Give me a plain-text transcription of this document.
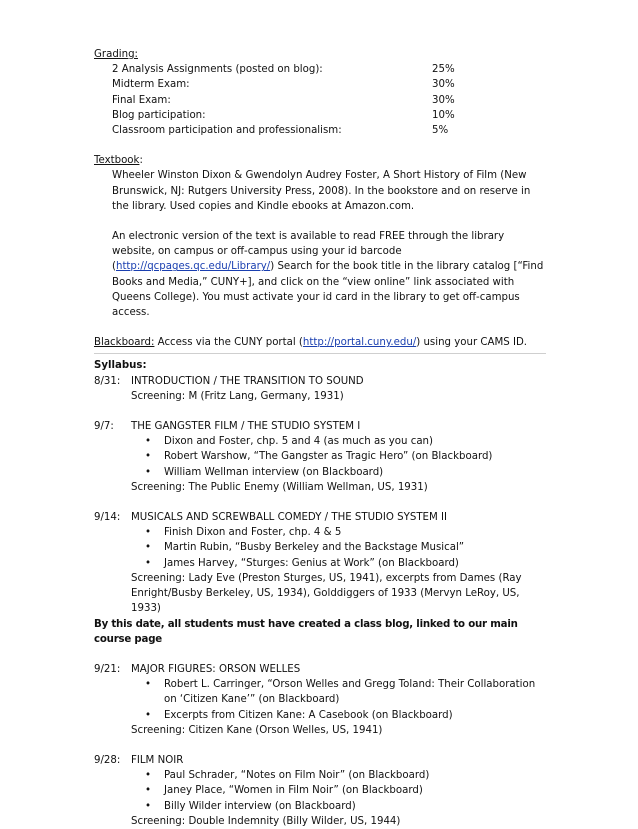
Grading:
2 Analysis Assignments (posted on blog):	25%
Midterm Exam:	30%
Final Exam:	30%
Blog participation:	10%
Classroom participation and professionalism:	5%
Textbook:
Wheeler Winston Dixon & Gwendolyn Audrey Foster, A Short History of Film (New Brunswick, NJ: Rutgers University Press, 2008). In the bookstore and on reserve in the library. Used copies and Kindle ebooks at Amazon.com.
An electronic version of the text is available to read FREE through the library website, on campus or off-campus using your id barcode (http://qcpages.qc.edu/Library/) Search for the book title in the library catalog [“Find Books and Media,” CUNY+], and click on the “view online” link associated with Queens College). You must activate your id card in the library to get off-campus access.
Blackboard: Access via the CUNY portal (http://portal.cuny.edu/) using your CAMS ID.
Syllabus:
8/31:	INTRODUCTION / THE TRANSITION TO SOUND
Screening: M (Fritz Lang, Germany, 1931)
9/7:	THE GANGSTER FILM / THE STUDIO SYSTEM I
•	Dixon and Foster, chp. 5 and 4 (as much as you can)
•	Robert Warshow, “The Gangster as Tragic Hero” (on Blackboard)
•	William Wellman interview (on Blackboard)
Screening: The Public Enemy (William Wellman, US, 1931)
9/14:	MUSICALS AND SCREWBALL COMEDY / THE STUDIO SYSTEM II
•	Finish Dixon and Foster, chp. 4 & 5
•	Martin Rubin, “Busby Berkeley and the Backstage Musical”
•	James Harvey, “Sturges: Genius at Work” (on Blackboard)
Screening: Lady Eve (Preston Sturges, US, 1941), excerpts from Dames (Ray Enright/Busby Berkeley, US, 1934), Golddiggers of 1933 (Mervyn LeRoy, US, 1933)
By this date, all students must have created a class blog, linked to our main course page
9/21:	MAJOR FIGURES: ORSON WELLES
•	Robert L. Carringer, “Orson Welles and Gregg Toland: Their Collaboration on ‘Citizen Kane’” (on Blackboard)
•	Excerpts from Citizen Kane: A Casebook (on Blackboard)
Screening: Citizen Kane (Orson Welles, US, 1941)
9/28:	FILM NOIR
•	Paul Schrader, “Notes on Film Noir” (on Blackboard)
•	Janey Place, “Women in Film Noir” (on Blackboard)
•	Billy Wilder interview (on Blackboard)
Screening: Double Indemnity (Billy Wilder, US, 1944)
